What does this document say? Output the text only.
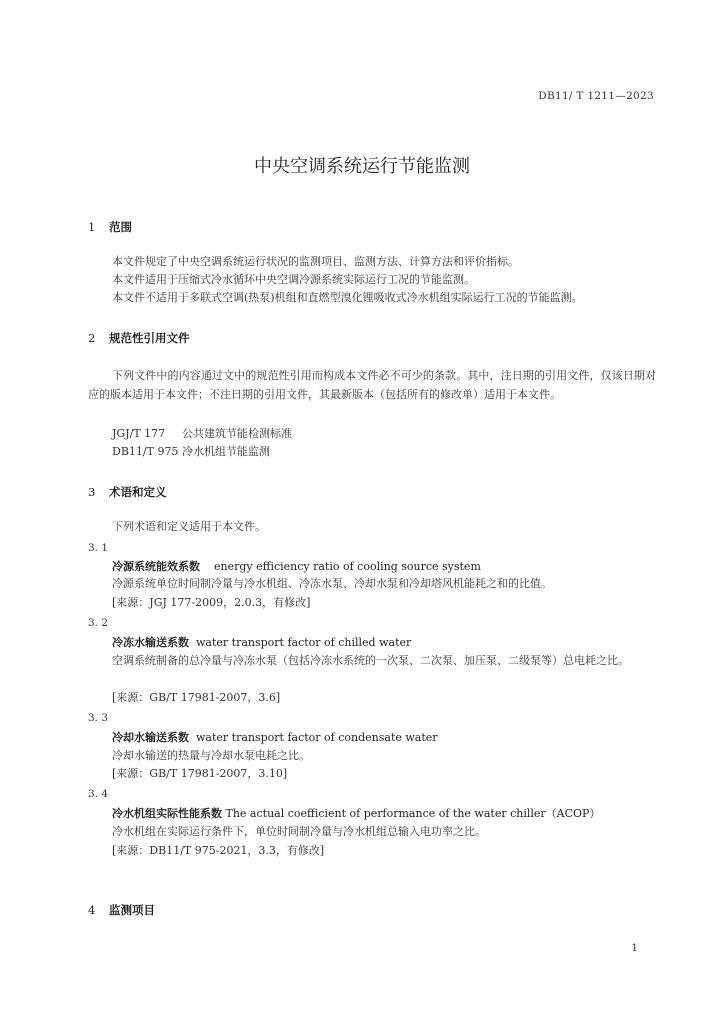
DB11/ T 1211—2023
中央空调系统运行节能监测
1 范围
本文件规定了中央空调系统运行状况的监测项目、监测方法、计算方法和评价指标。
本文件适用于压缩式冷水循环中央空调冷源系统实际运行工况的节能监测。
本文件不适用于多联式空调(热泵)机组和直燃型溴化锂吸收式冷水机组实际运行工况的节能监测。
2 规范性引用文件
下列文件中的内容通过文中的规范性引用而构成本文件必不可少的条款。其中，注日期的引用文件，仅该日期对应的版本适用于本文件；不注日期的引用文件，其最新版本（包括所有的修改单）适用于本文件。
JGJ/T 177 公共建筑节能检测标准
DB11/T 975 冷水机组节能监测
3 术语和定义
下列术语和定义适用于本文件。
3. 1
冷源系统能效系数 energy efficiency ratio of cooling source system
冷源系统单位时间制冷量与冷水机组、冷冻水泵、冷却水泵和冷却塔风机能耗之和的比值。
[来源：JGJ 177-2009，2.0.3，有修改]
3. 2
冷冻水输送系数 water transport factor of chilled water
空调系统制备的总冷量与冷冻水泵（包括冷冻水系统的一次泵、二次泵、加压泵、二级泵等）总电耗之比。
[来源：GB/T 17981-2007，3.6]
3. 3
冷却水输送系数 water transport factor of condensate water
冷却水输送的热量与冷却水泵电耗之比。
[来源：GB/T 17981-2007，3.10]
3. 4
冷水机组实际性能系数 The actual coefficient of performance of the water chiller（ACOP）
冷水机组在实际运行条件下，单位时间制冷量与冷水机组总输入电功率之比。
[来源：DB11/T 975-2021，3.3，有修改]
4 监测项目
1
